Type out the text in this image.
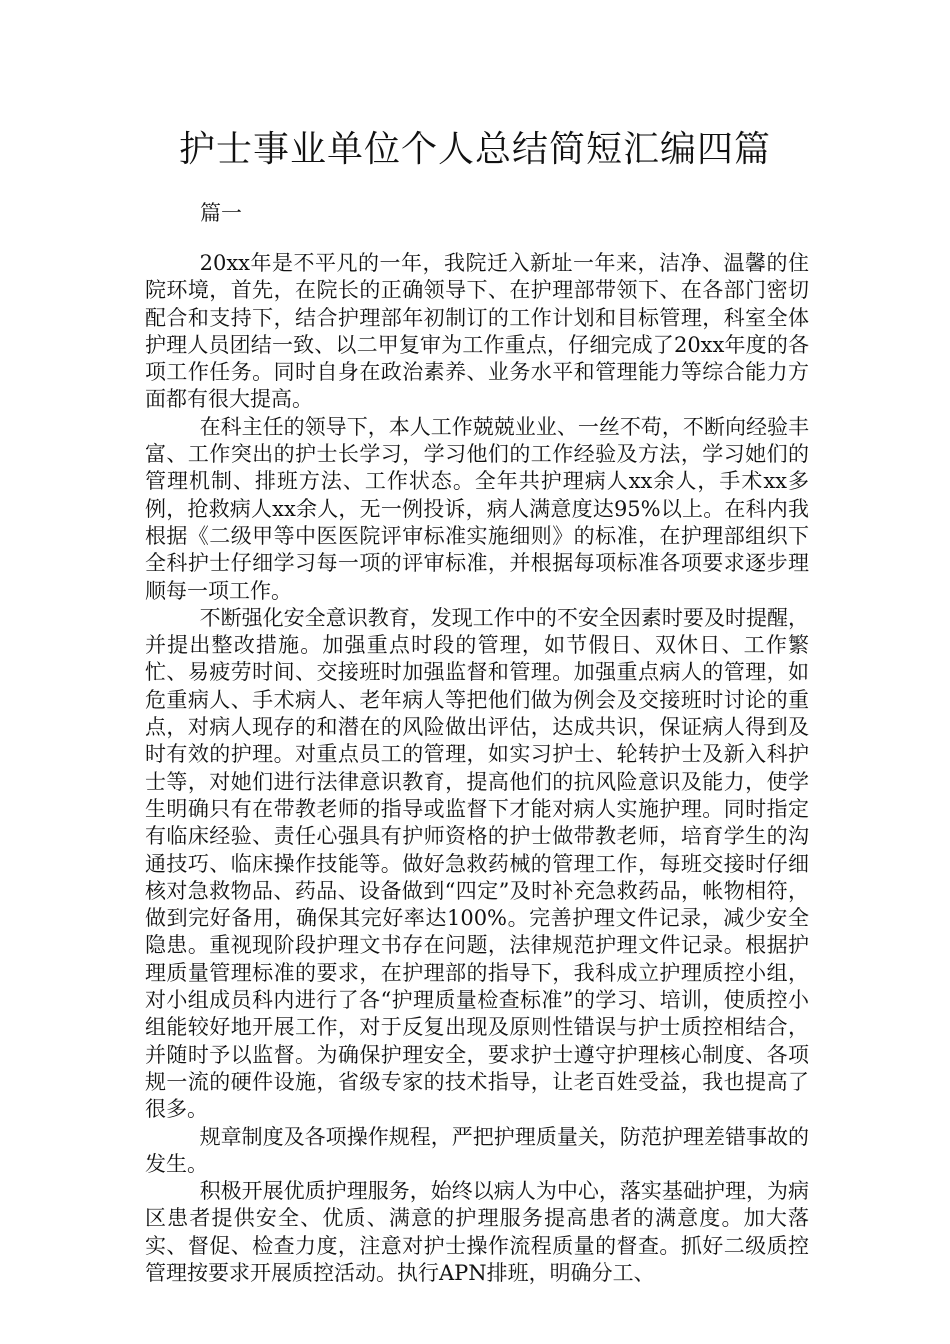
护士事业单位个人总结简短汇编四篇
篇一

20xx年是不平凡的一年，我院迁入新址一年来，洁净、温馨的住院环境，首先，在院长的正确领导下、在护理部带领下、在各部门密切配合和支持下，结合护理部年初制订的工作计划和目标管理，科室全体护理人员团结一致、以二甲复审为工作重点，仔细完成了20xx年度的各项工作任务。同时自身在政治素养、业务水平和管理能力等综合能力方面都有很大提高。

在科主任的领导下，本人工作兢兢业业、一丝不苟，不断向经验丰富、工作突出的护士长学习，学习他们的工作经验及方法，学习她们的管理机制、排班方法、工作状态。全年共护理病人xx余人，手术xx多例，抢救病人xx余人，无一例投诉，病人满意度达95%以上。在科内我根据《二级甲等中医医院评审标准实施细则》的标准，在护理部组织下全科护士仔细学习每一项的评审标准，并根据每项标准各项要求逐步理顺每一项工作。

不断强化安全意识教育，发现工作中的不安全因素时要及时提醒，并提出整改措施。加强重点时段的管理，如节假日、双休日、工作繁忙、易疲劳时间、交接班时加强监督和管理。加强重点病人的管理，如危重病人、手术病人、老年病人等把他们做为例会及交接班时讨论的重点，对病人现存的和潜在的风险做出评估，达成共识，保证病人得到及时有效的护理。对重点员工的管理，如实习护士、轮转护士及新入科护士等，对她们进行法律意识教育，提高他们的抗风险意识及能力，使学生明确只有在带教老师的指导或监督下才能对病人实施护理。同时指定有临床经验、责任心强具有护师资格的护士做带教老师，培育学生的沟通技巧、临床操作技能等。做好急救药械的管理工作，每班交接时仔细核对急救物品、药品、设备做到“四定”及时补充急救药品，帐物相符，做到完好备用，确保其完好率达100%。完善护理文件记录，减少安全隐患。重视现阶段护理文书存在问题，法律规范护理文件记录。根据护理质量管理标准的要求，在护理部的指导下，我科成立护理质控小组，对小组成员科内进行了各“护理质量检查标准”的学习、培训，使质控小组能较好地开展工作，对于反复出现及原则性错误与护士质控相结合，并随时予以监督。为确保护理安全，要求护士遵守护理核心制度、各项规一流的硬件设施，省级专家的技术指导，让老百姓受益，我也提高了很多。

规章制度及各项操作规程，严把护理质量关，防范护理差错事故的发生。

积极开展优质护理服务，始终以病人为中心，落实基础护理，为病区患者提供安全、优质、满意的护理服务提高患者的满意度。加大落实、督促、检查力度，注意对护士操作流程质量的督查。抓好二级质控管理按要求开展质控活动。执行APN排班，明确分工、
